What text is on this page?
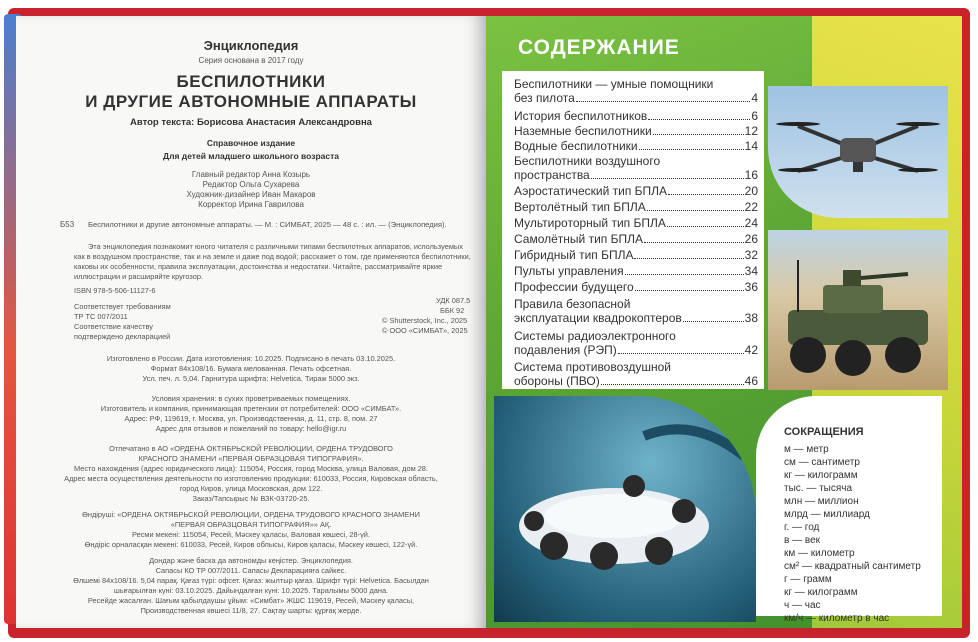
Энциклопедия
Серия основана в 2017 году
БЕСПИЛОТНИКИ
И ДРУГИЕ АВТОНОМНЫЕ АППАРАТЫ
Автор текста: Борисова Анастасия Александровна
Справочное издание
Для детей младшего школьного возраста
Главный редактор Анна Козырь
Редактор Ольга Сухарева
Художник-дизайнер Иван Макаров
Корректор Ирина Гаврилова
Б53 Беспилотники и другие автономные аппараты. — М. : СИМБАТ, 2025 — 48 с. : ил. — (Энциклопедия).
Эта энциклопедия познакомит юного читателя с различными типами беспилотных аппаратов, используемых
как в воздушном пространстве, так и на земле и даже под водой; расскажет о том, где применяются беспилотники,
каковы их особенности, правила эксплуатации, достоинства и недостатки. Читайте, рассматривайте яркие
иллюстрации и расширяйте кругозор.
ISBN 978-5-506-11127-6
УДК 087.5
ББК 92
© Shutterstock, Inc., 2025
© ООО «СИМБАТ», 2025
Соответствует требованиям
ТР ТС 007/2011
Соответствие качеству
подтверждено декларацией
Изготовлено в России. Дата изготовления: 10.2025. Подписано в печать 03.10.2025.
Формат 84x108/16. Бумага мелованная. Печать офсетная.
Усл. печ. л. 5,04. Гарнитура шрифта: Helvetica. Тираж 5000 экз.
Условия хранения: в сухих проветриваемых помещениях.
Изготовитель и компания, принимающая претензии от потребителей: ООО «СИМБАТ».
Адрес: РФ, 119619, г. Москва, ул. Производственная, д. 11, стр. 8, пом. 27
Адрес для отзывов и пожеланий по товару: hello@igr.ru
Отпечатано в АО «ОРДЕНА ОКТЯБРЬСКОЙ РЕВОЛЮЦИИ, ОРДЕНА ТРУДОВОГО
КРАСНОГО ЗНАМЕНИ «ПЕРВАЯ ОБРАЗЦОВАЯ ТИПОГРАФИЯ».
Место нахождения (адрес юридического лица): 115054, Россия, город Москва, улица Валовая, дом 28.
Адрес места осуществления деятельности по изготовлению продукции: 610033, Россия, Кировская область,
город Киров, улица Московская, дом 122.
Заказ/Тапсырыс № ВЗК-03720-25.
Өндіруші: «ОРДЕНА ОКТЯБРЬСКОЙ РЕВОЛЮЦИИ, ОРДЕНА ТРУДОВОГО КРАСНОГО ЗНАМЕНИ
«ПЕРВАЯ ОБРАЗЦОВАЯ ТИПОГРАФИЯ»» АҚ.
Ресми мекені: 115054, Ресей, Мәскеу қаласы, Валовая көшесі, 28-үй.
Өндіріс орналасқан мекені: 610033, Ресей, Киров облысы, Киров қаласы, Мәскеу көшесі, 122-үй.
Дондар және баска да автономды кеңістер. Энциклопедия.
Сапасы КО ТР 007/2011. Сапасы Декларацияға сайкес.
Өлшемі 84x108/16. 5,04 парақ. Қағаз түрі: офсет. Қағаз: жылтыр қағаз. Шрифт түрі: Helvetica. Басылдан
шығарылған күні: 03.10.2025. Дайындалған күні: 10.2025. Таралымы 5000 дана.
Ресейде жасалған. Шағым қабылдаушы ұйым: «Симбат» ЖШС 119619, Ресей, Мәскеу қаласы,
Производственная көшесі 11/8, 27. Сақтау шарты: құрғақ жерде.
СОДЕРЖАНИЕ
Беспилотники — умные помощники
без пилота	4
История беспилотников	6
Наземные беспилотники	12
Водные беспилотники	14
Беспилотники воздушного
пространства	16
Аэростатический тип БПЛА	20
Вертолётный тип БПЛА	22
Мультироторный тип БПЛА	24
Самолётный тип БПЛА	26
Гибридный тип БПЛА	32
Пульты управления	34
Профессии будущего	36
Правила безопасной
эксплуатации квадрокоптеров	38
Системы радиоэлектронного
подавления (РЭП)	42
Система противовоздушной
обороны (ПВО)	46
СОКРАЩЕНИЯ
м — метр
см — сантиметр
кг — килограмм
тыс. — тысяча
млн — миллион
млрд — миллиард
г. — год
в — век
км — километр
см² — квадратный сантиметр
г — грамм
кг — килограмм
ч — час
км/ч — километр в час
